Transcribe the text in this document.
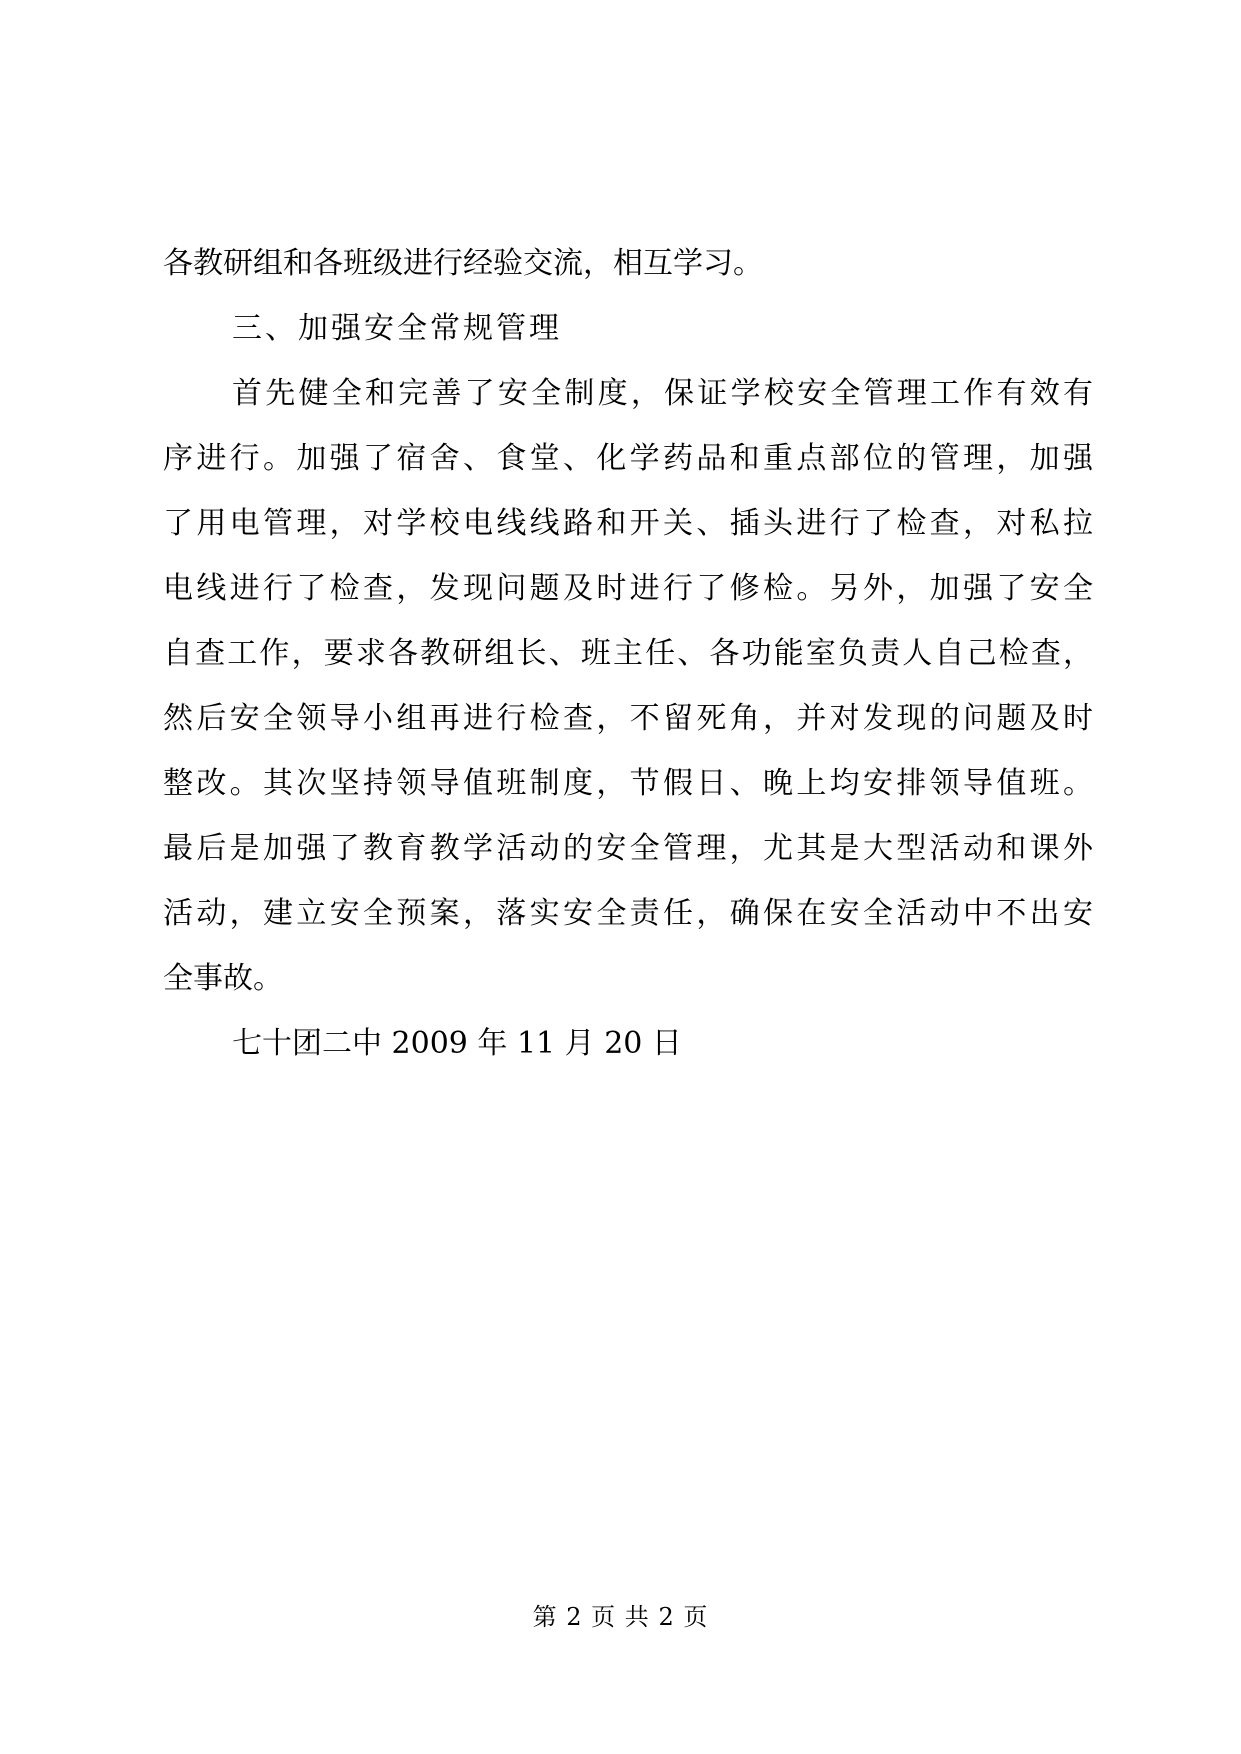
各教研组和各班级进行经验交流，相互学习。
三、加强安全常规管理
首先健全和完善了安全制度，保证学校安全管理工作有效有
序进行。加强了宿舍、食堂、化学药品和重点部位的管理，加强
了用电管理，对学校电线线路和开关、插头进行了检查，对私拉
电线进行了检查，发现问题及时进行了修检。另外，加强了安全
自查工作，要求各教研组长、班主任、各功能室负责人自己检查，
然后安全领导小组再进行检查，不留死角，并对发现的问题及时
整改。其次坚持领导值班制度，节假日、晚上均安排领导值班。
最后是加强了教育教学活动的安全管理，尤其是大型活动和课外
活动，建立安全预案，落实安全责任，确保在安全活动中不出安
全事故。
七十团二中 2009 年 11 月 20 日
第 2 页 共 2 页
